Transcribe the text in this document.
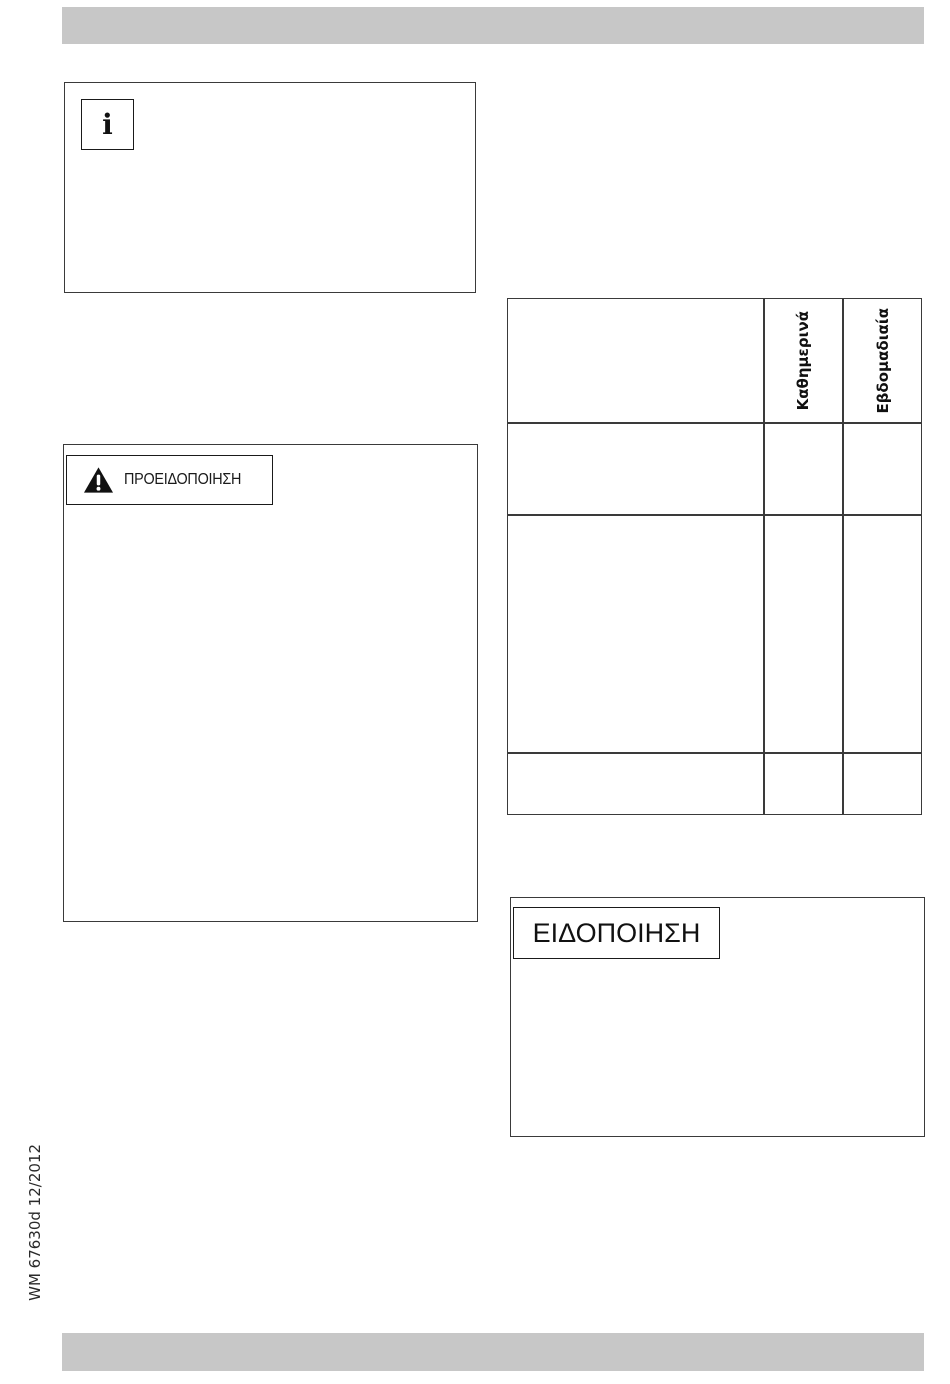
i
ΠΡΟΕΙΔΟΠΟΙΗΣΗ
Καθημερινά	Εβδομαδιαία
ΕΙΔΟΠΟΙΗΣΗ
WM 67630d 12/2012
